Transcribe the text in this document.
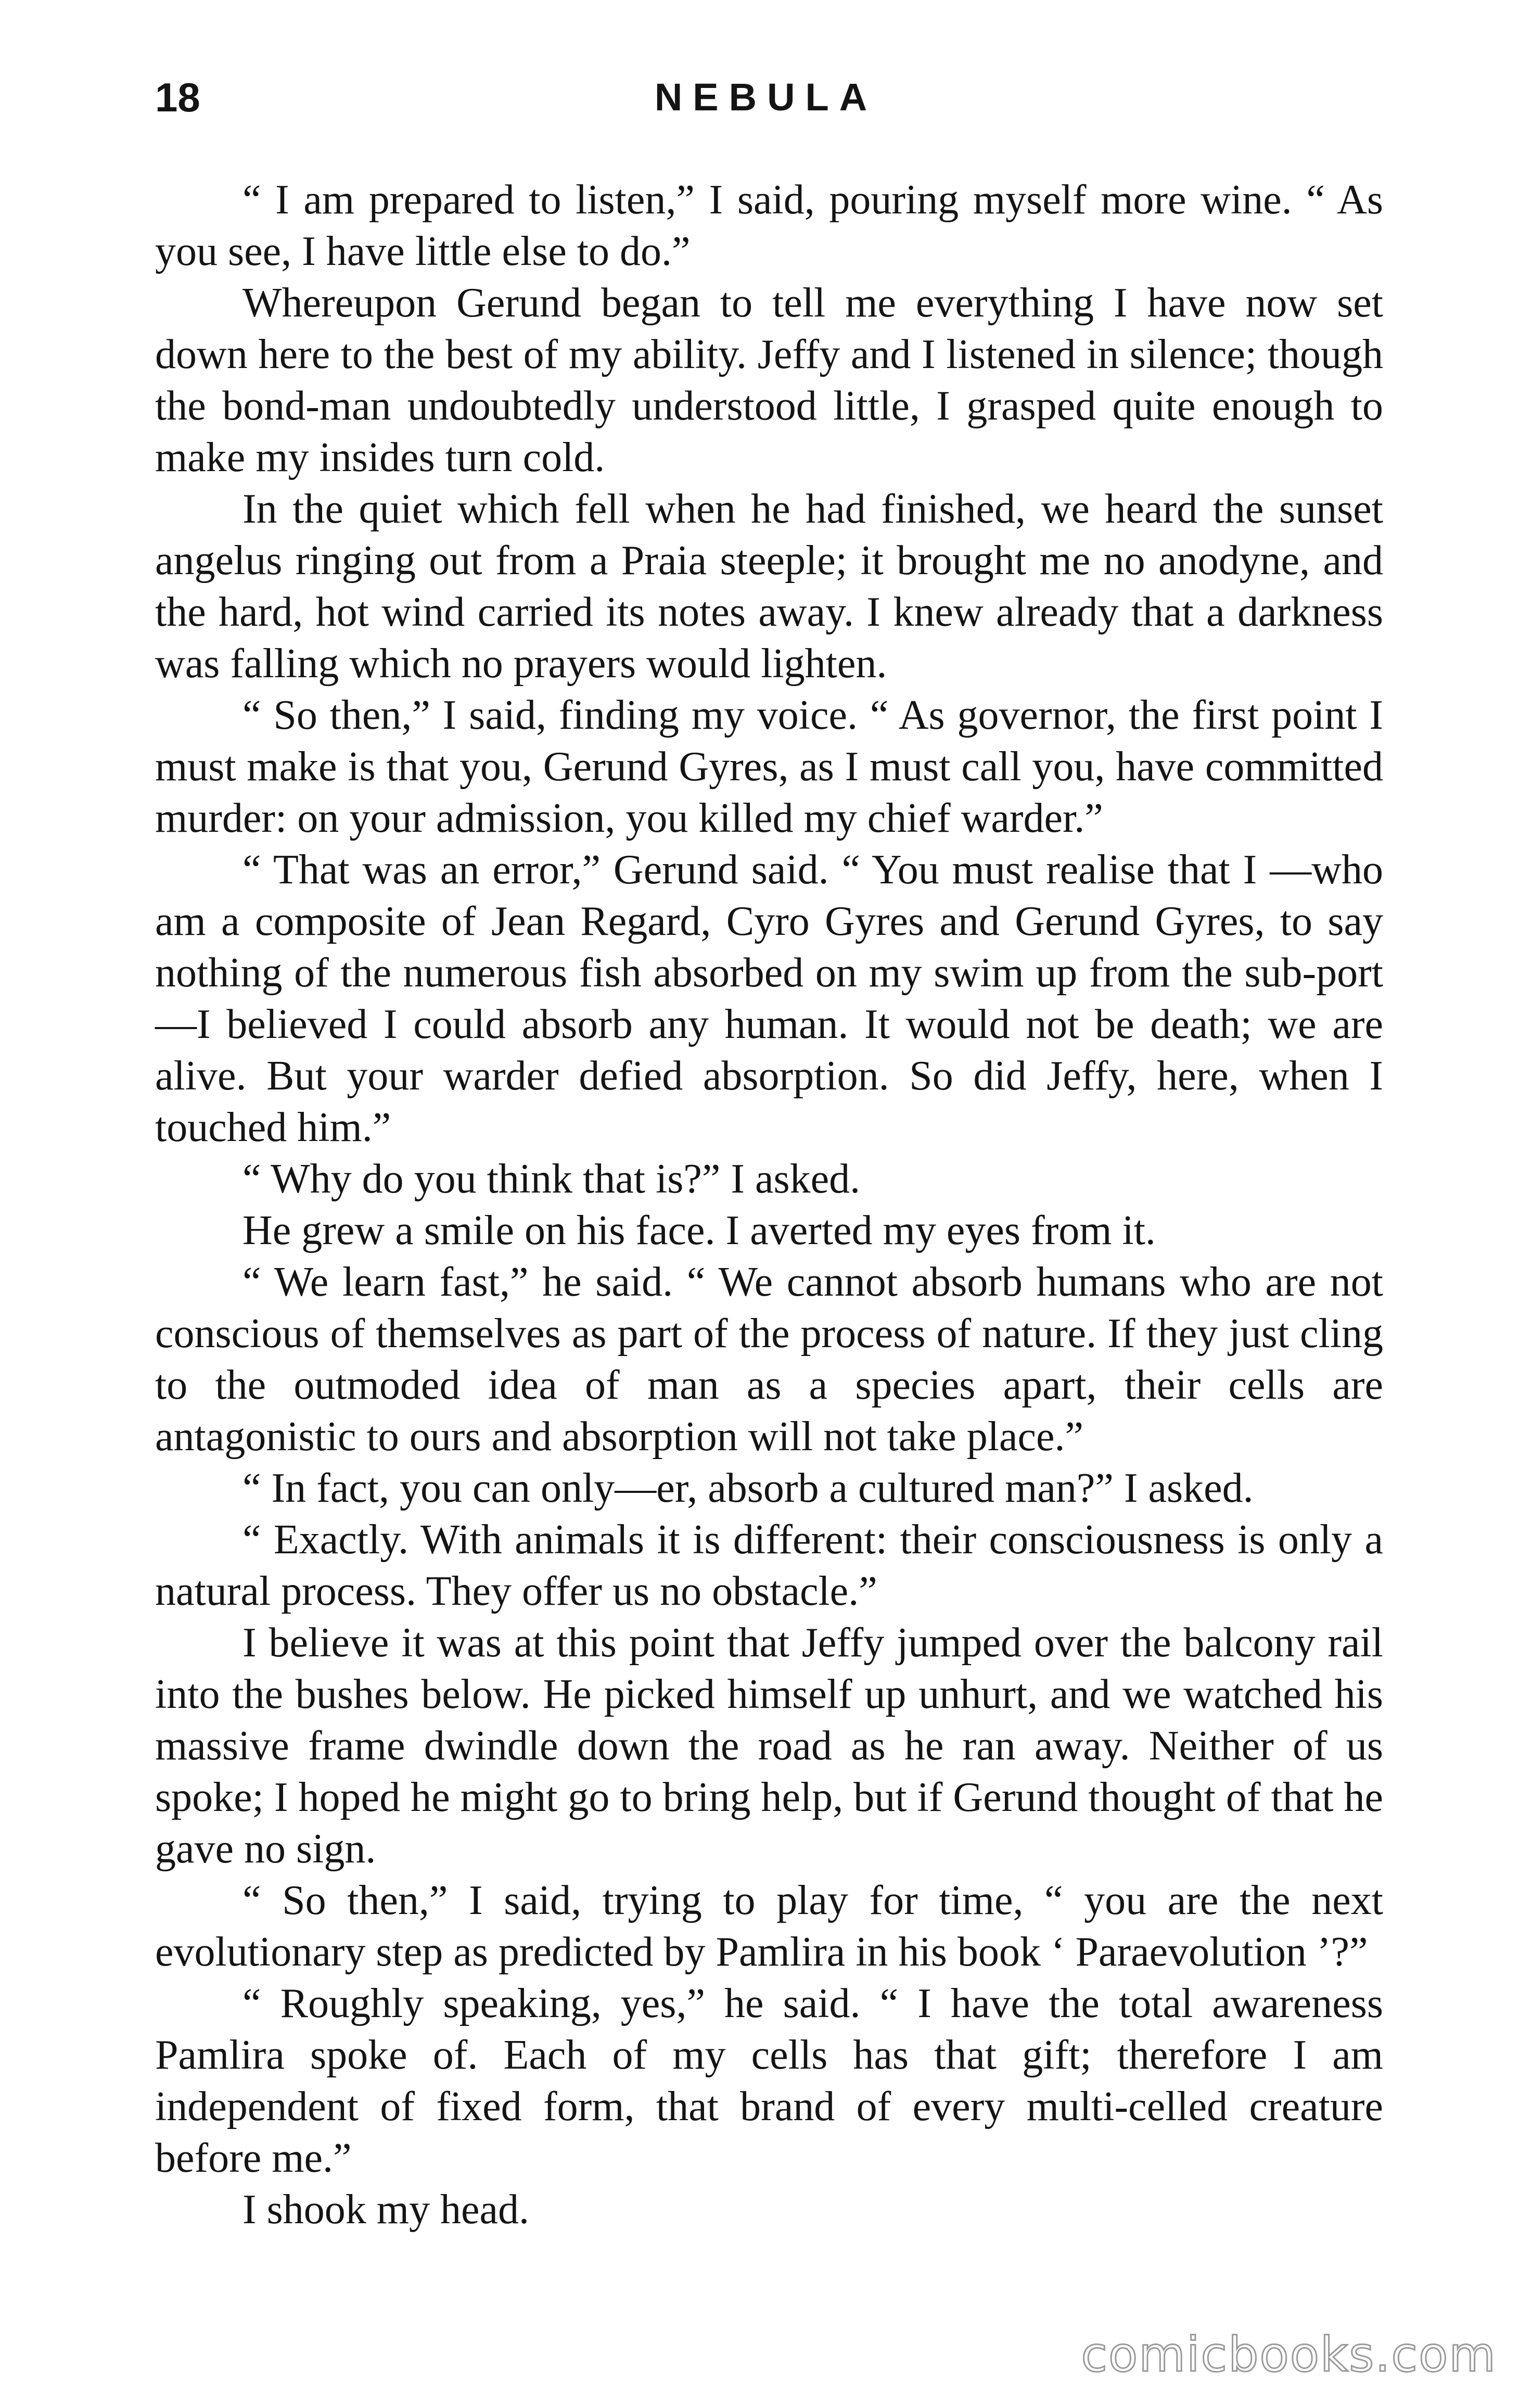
18	NEBULA

“ I am prepared to listen,” I said, pouring myself more wine. “ As you see, I have little else to do.”

Whereupon Gerund began to tell me everything I have now set down here to the best of my ability. Jeffy and I listened in silence; though the bond-man undoubtedly understood little, I grasped quite enough to make my insides turn cold.

In the quiet which fell when he had finished, we heard the sunset angelus ringing out from a Praia steeple; it brought me no anodyne, and the hard, hot wind carried its notes away. I knew already that a darkness was falling which no prayers would lighten.

“ So then,” I said, finding my voice. “ As governor, the first point I must make is that you, Gerund Gyres, as I must call you, have committed murder: on your admission, you killed my chief warder.”

“ That was an error,” Gerund said. “ You must realise that I —who am a composite of Jean Regard, Cyro Gyres and Gerund Gyres, to say nothing of the numerous fish absorbed on my swim up from the sub-port—I believed I could absorb any human. It would not be death; we are alive. But your warder defied absorption. So did Jeffy, here, when I touched him.”

“ Why do you think that is?” I asked.

He grew a smile on his face. I averted my eyes from it.

“ We learn fast,” he said. “ We cannot absorb humans who are not conscious of themselves as part of the process of nature. If they just cling to the outmoded idea of man as a species apart, their cells are antagonistic to ours and absorption will not take place.”

“ In fact, you can only—er, absorb a cultured man?” I asked.

“ Exactly. With animals it is different: their consciousness is only a natural process. They offer us no obstacle.”

I believe it was at this point that Jeffy jumped over the balcony rail into the bushes below. He picked himself up unhurt, and we watched his massive frame dwindle down the road as he ran away. Neither of us spoke; I hoped he might go to bring help, but if Gerund thought of that he gave no sign.

“ So then,” I said, trying to play for time, “ you are the next evolutionary step as predicted by Pamlira in his book ‘ Paraevolution ’?”

“ Roughly speaking, yes,” he said. “ I have the total awareness Pamlira spoke of. Each of my cells has that gift; therefore I am independent of fixed form, that brand of every multi-celled creature before me.”

I shook my head.

comicbooks.com
